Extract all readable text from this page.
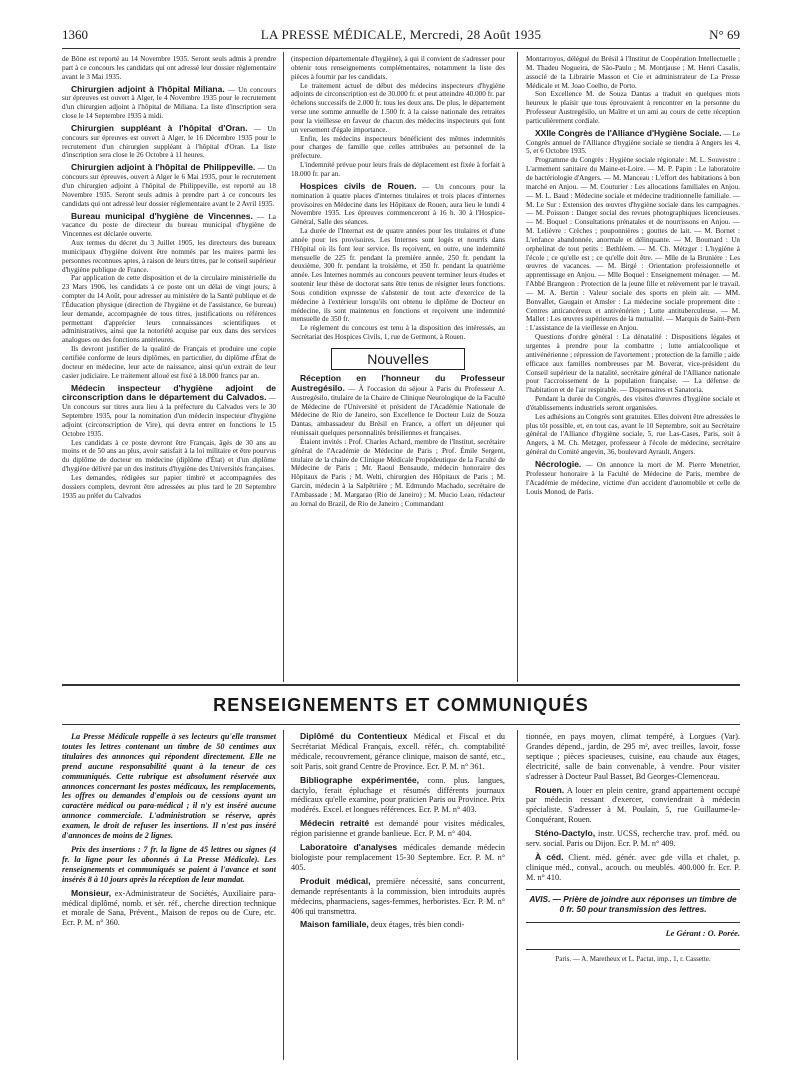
1360	LA PRESSE MÉDICALE, Mercredi, 28 Août 1935	N° 69

de Bône est reporté au 14 Novembre 1935. Seront seuls admis à prendre part à ce concours les candidats qui ont adressé leur dossier réglementaire avant le 3 Mai 1935.

Chirurgien adjoint à l'hôpital Miliana. — Un concours sur épreuves est ouvert à Alger, le 4 Novembre 1935 pour le recrutement d'un chirurgien adjoint à l'hôpital de Miliana. La liste d'inscription sera close le 14 Septembre 1935 à midi.

Chirurgien suppléant à l'hôpital d'Oran. — Un concours sur épreuves est ouvert à Alger, le 16 Décembre 1935 pour le recrutement d'un chirurgien suppléant à l'hôpital d'Oran. La liste d'inscription sera close le 26 Octobre à 11 heures.

Chirurgien adjoint à l'hôpital de Philippeville. — Un concours sur épreuves, ouvert à Alger le 6 Mai 1935, pour le recrutement d'un chirurgien adjoint à l'hôpital de Philippeville, est reporté au 18 Novembre 1935. Seront seuls admis à prendre part à ce concours les candidats qui ont adressé leur dossier réglementaire avant le 2 Avril 1935.

Bureau municipal d'hygiène de Vincennes. — La vacance du poste de directeur du bureau municipal d'hygiène de Vincennes est déclarée ouverte.

Aux termes du décret du 3 Juillet 1905, les directeurs des bureaux municipaux d'hygiène doivent être nommés par les maires parmi les personnes reconnues aptes, à raison de leurs titres, par le conseil supérieur d'hygiène publique de France.

Par application de cette disposition et de la circulaire ministérielle du 23 Mars 1906, les candidats à ce poste ont un délai de vingt jours, à compter du 14 Août, pour adresser au ministère de la Santé publique et de l'Éducation physique (direction de l'hygiène et de l'assistance, 6e bureau) leur demande, accompagnée de tous titres, justifications ou références permettant d'apprécier leurs connaissances scientifiques et administratives, ainsi que la notoriété acquise par eux dans des services analogues ou des fonctions antérieures.

Ils devront justifier de la qualité de Français et produire une copie certifiée conforme de leurs diplômes, en particulier, du diplôme d'État de docteur en médecine, leur acte de naissance, ainsi qu'un extrait de leur casier judiciaire. Le traitement alloué est fixé à 18.000 francs par an.

Médecin inspecteur d'hygiène adjoint de circonscription dans le département du Calvados. — Un concours sur titres aura lieu à la préfecture du Calvados vers le 30 Septembre 1935, pour la nomination d'un médecin inspecteur d'hygiène adjoint (circonscription de Vire), qui devra entrer en fonctions le 15 Octobre 1935.

Les candidats à ce poste devront être Français, âgés de 30 ans au moins et de 50 ans au plus, avoir satisfait à la loi militaire et être pourvus du diplôme de docteur en médecine (diplôme d'État) et d'un diplôme d'hygiène délivré par un des instituts d'hygiène des Universités françaises.

Les demandes, rédigées sur papier timbré et accompagnées des dossiers complets, devront être adressées au plus tard le 20 Septembre 1935 au préfet du Calvados

(inspection départementale d'hygiène), à qui il convient de s'adresser pour obtenir tous renseignements complémentaires, notamment la liste des pièces à fournir par les candidats.

Le traitement actuel de début des médecins inspecteurs d'hygiène adjoints de circonscription est de 30.000 fr. et peut atteindre 40.000 fr. par échelons successifs de 2.000 fr. tous les deux ans. De plus, le département verse une somme annuelle de 1.500 fr. à la caisse nationale des retraites pour la vieillesse en faveur de chacun des médecins inspecteurs qui font un versement d'égale importance.

Enfin, les médecins inspecteurs bénéficient des mêmes indemnités pour charges de famille que celles attribuées au personnel de la préfecture.

L'indemnité prévue pour leurs frais de déplacement est fixée à forfait à 18.000 fr. par an.

Hospices civils de Rouen. — Un concours pour la nomination à quatre places d'internes titulaires et trois places d'internes provisoires en Médecine dans les Hôpitaux de Rouen, aura lieu le lundi 4 Novembre 1935. Les épreuves commenceront à 16 h. 30 à l'Hospice-Général, Salle des séances.

La durée de l'Internat est de quatre années pour les titulaires et d'une année pour les provisoires. Les Internes sont logés et nourris dans l'Hôpital où ils font leur service. Ils reçoivent, en outre, une indemnité mensuelle de 225 fr. pendant la première année, 250 fr. pendant la deuxième, 300 fr. pendant la troisième, et 350 fr. pendant la quatrième année. Les Internes nommés au concours peuvent terminer leurs études et soutenir leur thèse de doctorat sans être tenus de résigner leurs fonctions. Sous condition expresse de s'abstenir de tout acte d'exercice de la médecine à l'extérieur lorsqu'ils ont obtenu le diplôme de Docteur en médecine, ils sont maintenus en fonctions et reçoivent une indemnité mensuelle de 350 fr.

Le règlement du concours est tenu à la disposition des intéressés, au Secrétariat des Hospices Civils, 1, rue de Germont, à Rouen.

Nouvelles

Réception en l'honneur du Professeur Austregésilo. — À l'occasion du séjour à Paris du Professeur A. Austregésilo, titulaire de la Chaire de Clinique Neurologique de la Faculté de Médecine de l'Université et président de l'Académie Nationale de Médecine de Rio de Janeiro, son Excellence le Docteur Luiz de Souza Dantas, ambassadeur du Brésil en France, a offert un déjeuner qui réunissait quelques personnalités brésiliennes et françaises.

Étaient invités : Prof. Charles Achard, membre de l'Institut, secrétaire général de l'Académie de Médecine de Paris ; Prof. Émile Sergent, titulaire de la chaire de Clinique Médicale Propédeutique de la Faculté de Médecine de Paris ; Mr. Raoul Bensaude, médecin honoraire des Hôpitaux de Paris ; M. Welti, chirurgien des Hôpitaux de Paris ; M. Garcin, médecin à la Salpêtrière ; M. Edmundo Machado, secrétaire de l'Ambassade ; M. Margarao (Rio de Janeiro) ; M. Mucio Leao, rédacteur au Jornal do Brazil, de Rio de Janeiro ; Commandant

Montarroyos, délégué du Brésil à l'Institut de Coopération Intellectuelle ; M. Thadeu Nogueira, de São-Paulo ; M. Montjause ; M. Henri Casalis, associé de la Librairie Masson et Cie et administrateur de La Presse Médicale et M. Joao Coelho, de Porto.

Son Excellence M. de Souza Dantas a traduit en quelques mots heureux le plaisir que tous éprouvaient à rencontrer en la personne du Professeur Austregésilo, un Maître et un ami au cours de cette réception particulièrement cordiale.

XXIIe Congrès de l'Alliance d'Hygiène Sociale. — Le Congrès annuel de l'Alliance d'hygiène sociale se tiendra à Angers les 4, 5, et 6 Octobre 1935.

Programme du Congrès : Hygiène sociale régionale : M. L. Souvestre : L'armement sanitaire du Maine-et-Loire. — M. P. Papin : Le laboratoire de bactériologie d'Angers. — M. Manceau : L'effort des habitations à bon marché en Anjou. — M. Couturier : Les allocations familiales en Anjou. — M. L. Baud : Médecine sociale et médecine traditionnelle familiale. — M. Le Sur : Extension des œuvres d'hygiène sociale dans les campagnes. — M. Poisson : Danger social des revues photographiques licencieuses. — M. Boquel : Consultations prénatales et de nourrissons en Anjou. — M. Lelièvre : Crèches ; pouponnières ; gouttes de lait. — M. Bornet : L'enfance abandonnée, anormale et délinquante. — M. Boumard : Un orphelinat de tout petits : Bethléem. — M. Ch. Métzger : L'hygiène à l'école ; ce qu'elle est ; ce qu'elle doit être. — Mlle de la Brunière : Les œuvres de vacances. — M. Birgé : Orientation professionnelle et apprentissage en Anjou. — Mlle Boquel : Enseignement ménager. — M. l'Abbé Brangeon : Protection de la jeune fille et relèvement par le travail. — M. A. Bertin : Valeur sociale des sports en plein air. — MM. Bonvallet, Gaugain et Amsler : La médecine sociale proprement dite : Centres anticancéreux et antivénérien ; Lutte antituberculeuse. — M. Mallet : Les œuvres supérieures de la mutualité. — Marquis de Saint-Pern : L'assistance de la vieillesse en Anjou.

Questions d'ordre général : La dénatalité : Dispositions légales et urgentes à prendre pour la combattre ; lutte antialcoolique et antivénérienne ; répression de l'avortement ; protection de la famille ; aide efficace aux familles nombreuses par M. Boverat, vice-président du Conseil supérieur de la natalité, secrétaire général de l'Alliance nationale pour l'accroissement de la population française. — La défense de l'habitation et de l'air respirable. — Dispensaires et Sanatoria.

Pendant la durée du Congrès, des visites d'œuvres d'hygiène sociale et d'établissements industriels seront organisées.

Les adhésions au Congrès sont gratuites. Elles doivent être adressées le plus tôt possible, et, en tout cas, avant le 10 Septembre, soit au Secrétaire général de l'Alliance d'hygiène sociale, 5, rue Las-Cases, Paris, soit à Angers, à M. Ch. Metzger, professeur à l'école de médecine, secrétaire général du Comité angevin, 36, boulevard Ayrault, Angers.

Nécrologie. — On annonce la mort de M. Pierre Menetrier, Professeur honoraire à la Faculté de Médecine de Paris, membre de l'Académie de médecine, victime d'un accident d'automobile et celle de Louis Monod, de Paris.

RENSEIGNEMENTS ET COMMUNIQUÉS

La Presse Médicale rappelle à ses lecteurs qu'elle transmet toutes les lettres contenant un timbre de 50 centimes aux titulaires des annonces qui répondent directement. Elle ne prend aucune responsabilité quant à la teneur de ces communiqués. Cette rubrique est absolument réservée aux annonces concernant les postes médicaux, les remplacements, les offres ou demandes d'emplois ou de cessions ayant un caractère médical ou para-médical ; il n'y est inséré aucune annonce commerciale. L'administration se réserve, après examen, le droit de refuser les insertions. Il n'est pas inséré d'annonces de moins de 2 lignes.

Prix des insertions : 7 fr. la ligne de 45 lettres ou signes (4 fr. la ligne pour les abonnés à La Presse Médicale). Les renseignements et communiqués se paient à l'avance et sont insérés 8 à 10 jours après la réception de leur mandat.

Monsieur, ex-Administrateur de Sociétés, Auxiliaire para-médical diplômé, nomb. et sér. réf., cherche direction technique et morale de Sana, Prévent., Maison de repos ou de Cure, etc. Ecr. P. M. n° 360.

Diplômé du Contentieux Médical et Fiscal et du Secrétariat Médical Français, excell. référ., ch. comptabilité médicale, recouvrement, gérance clinique, maison de santé, etc., soit Paris, soit grand Centre de Province. Ecr. P. M. n° 361.

Bibliographe expérimentée, conn. plus. langues, dactylo, ferait épluchage et résumés différents journaux médicaux qu'elle examine, pour praticien Paris ou Province. Prix modérés. Excel. et longues références. Ecr. P. M. n° 403.

Médecin retraité est demandé pour visites médicales, région parisienne et grande banlieue. Ecr. P. M. n° 404.

Laboratoire d'analyses médicales demande médecin biologiste pour remplacement 15-30 Septembre. Ecr. P. M. n° 405.

Produit médical, première nécessité, sans concurrent, demande représentants à la commission, bien introduits auprès médecins, pharmaciens, sages-femmes, herboristes. Ecr. P. M. n° 406 qui transmettra.

Maison familiale, deux étages, très bien condi-

tionnée, en pays moyen, climat tempéré, à Lorgues (Var). Grandes dépend., jardin, de 295 m², avec treilles, lavoir, fosse septique ; pièces spacieuses, cuisine, eau chaude aux étages, électricité, salle de bain convenable, à vendre. Pour visiter s'adresser à Docteur Paul Basset, Bd Georges-Clemenceau.

Rouen. A louer en plein centre, grand appartement occupé par médecin cessant d'exercer, conviendrait à médecin spécialiste. S'adresser à M. Poulain, 5, rue Guillaume-le-Conquérant, Rouen.

Sténo-Dactylo, instr. UCSS, recherche trav. prof. méd. ou serv. social. Paris ou Dijon. Ecr. P. M. n° 409.

À céd. Client. méd. génér. avec gde villa et chalet, p. clinique méd., conval., acouch. ou meublés. 400.000 fr. Ecr. P. M. n° 410.

AVIS. — Prière de joindre aux réponses un timbre de 0 fr. 50 pour transmission des lettres.
Le Gérant : O. Porée.
Paris. — A. Maretheux et L. Pactat, imp., 1, r. Cassette.
